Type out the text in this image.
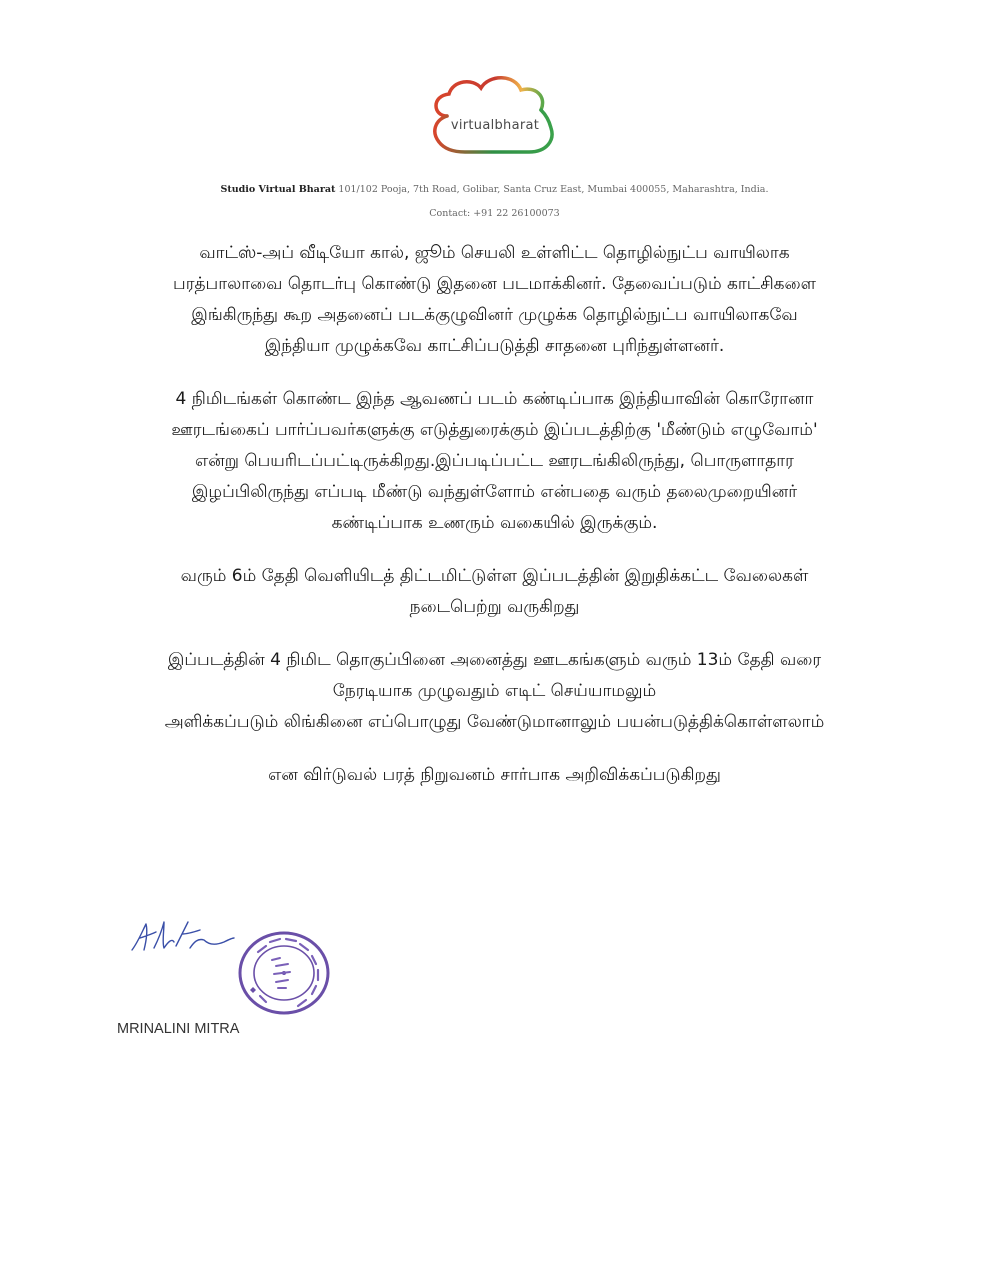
virtualbharat
Studio Virtual Bharat 101/102 Pooja, 7th Road, Golibar, Santa Cruz East, Mumbai 400055, Maharashtra, India.
Contact: +91 22 26100073
வாட்ஸ்-அப் வீடியோ கால், ஜூம் செயலி உள்ளிட்ட தொழில்நுட்ப வாயிலாக
பரத்பாலாவை தொடர்பு கொண்டு இதனை படமாக்கினர். தேவைப்படும் காட்சிகளை
இங்கிருந்து கூற அதனைப் படக்குழுவினர் முழுக்க தொழில்நுட்ப வாயிலாகவே
இந்தியா முழுக்கவே காட்சிப்படுத்தி சாதனை புரிந்துள்ளனர்.
4 நிமிடங்கள் கொண்ட இந்த ஆவணப் படம் கண்டிப்பாக இந்தியாவின் கொரோனா
ஊரடங்கைப் பார்ப்பவர்களுக்கு எடுத்துரைக்கும் இப்படத்திற்கு 'மீண்டும் எழுவோம்'
என்று பெயரிடப்பட்டிருக்கிறது.இப்படிப்பட்ட ஊரடங்கிலிருந்து, பொருளாதார
இழப்பிலிருந்து எப்படி மீண்டு வந்துள்ளோம் என்பதை வரும் தலைமுறையினர்
கண்டிப்பாக உணரும் வகையில் இருக்கும்.
வரும் 6ம் தேதி வெளியிடத் திட்டமிட்டுள்ள இப்படத்தின் இறுதிக்கட்ட வேலைகள்
நடைபெற்று வருகிறது
இப்படத்தின் 4 நிமிட தொகுப்பினை அனைத்து ஊடகங்களும் வரும் 13ம் தேதி வரை
நேரடியாக முழுவதும் எடிட் செய்யாமலும்
அளிக்கப்படும் லிங்கினை எப்பொழுது வேண்டுமானாலும் பயன்படுத்திக்கொள்ளலாம்
என விர்டுவல் பரத் நிறுவனம் சார்பாக அறிவிக்கப்படுகிறது
MRINALINI MITRA
